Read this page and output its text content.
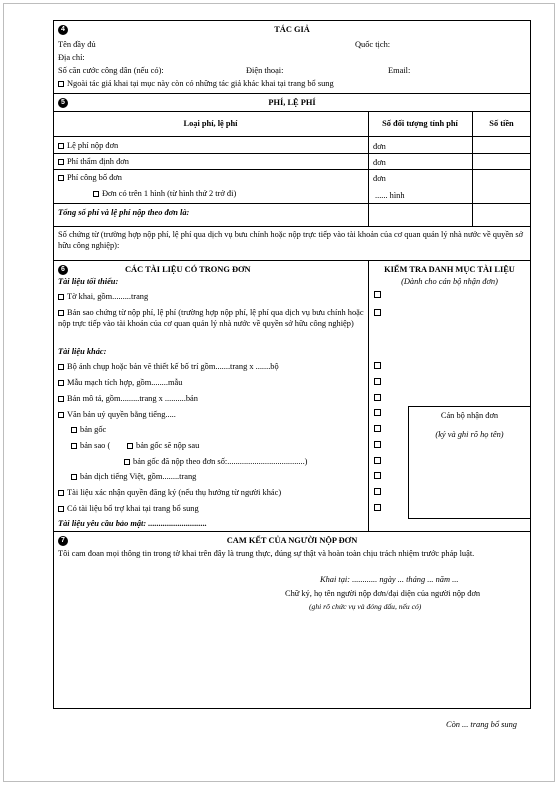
4	TÁC GIẢ
Tên đầy đủ	Quốc tịch:
Địa chỉ:
Số căn cước công dân (nếu có):	Điện thoại:	Email:
Ngoài tác giả khai tại mục này còn có những tác giả khác khai tại trang bổ sung
5	PHÍ, LỆ PHÍ
Loại phí, lệ phí	Số đối tượng tính phí	Số tiền
Lệ phí nộp đơn	đơn
Phí thẩm định đơn	đơn
Phí công bố đơn	đơn
Đơn có trên 1 hình (từ hình thứ 2 trở đi)	...... hình
Tổng số phí và lệ phí nộp theo đơn là:
Số chứng từ (trường hợp nộp phí, lệ phí qua dịch vụ bưu chính hoặc nộp trực tiếp vào tài khoản của cơ quan quản lý nhà nước về quyền sở hữu công nghiệp):
6	CÁC TÀI LIỆU CÓ TRONG ĐƠN
Tài liệu tối thiểu:
KIỂM TRA DANH MỤC TÀI LIỆU
(Dành cho cán bộ nhận đơn)
Tờ khai, gồm.........trang
Bản sao chứng từ nộp phí, lệ phí (trường hợp nộp phí, lệ phí qua dịch vụ bưu chính hoặc nộp trực tiếp vào tài khoản của cơ quan quản lý nhà nước về quyền sở hữu công nghiệp)
Tài liệu khác:
Bộ ảnh chụp hoặc bản vẽ thiết kế bố trí gồm.......trang x .......bộ
Mẫu mạch tích hợp, gồm........mẫu
Bản mô tả, gồm.........trang x ..........bản
Văn bản uỷ quyền bằng tiếng.....
bản gốc
bản sao (	bản gốc sẽ nộp sau
bản gốc đã nộp theo đơn số:.....................................)
bản dịch tiếng Việt, gồm........trang
Tài liệu xác nhận quyền đăng ký (nếu thụ hưởng từ người khác)
Có tài liệu bổ trợ khai tại trang bổ sung
Tài liệu yêu cầu bảo mật: ............................
Cán bộ nhận đơn
(ký và ghi rõ họ tên)
7	CAM KẾT CỦA NGƯỜI NỘP ĐƠN
Tôi cam đoan mọi thông tin trong tờ khai trên đây là trung thực, đúng sự thật và hoàn toàn chịu trách nhiệm trước pháp luật.
Khai tại: ............ ngày ... tháng ... năm ...
Chữ ký, họ tên người nộp đơn/đại diện của người nộp đơn
(ghi rõ chức vụ và đóng dấu, nếu có)
Còn ... trang bổ sung
